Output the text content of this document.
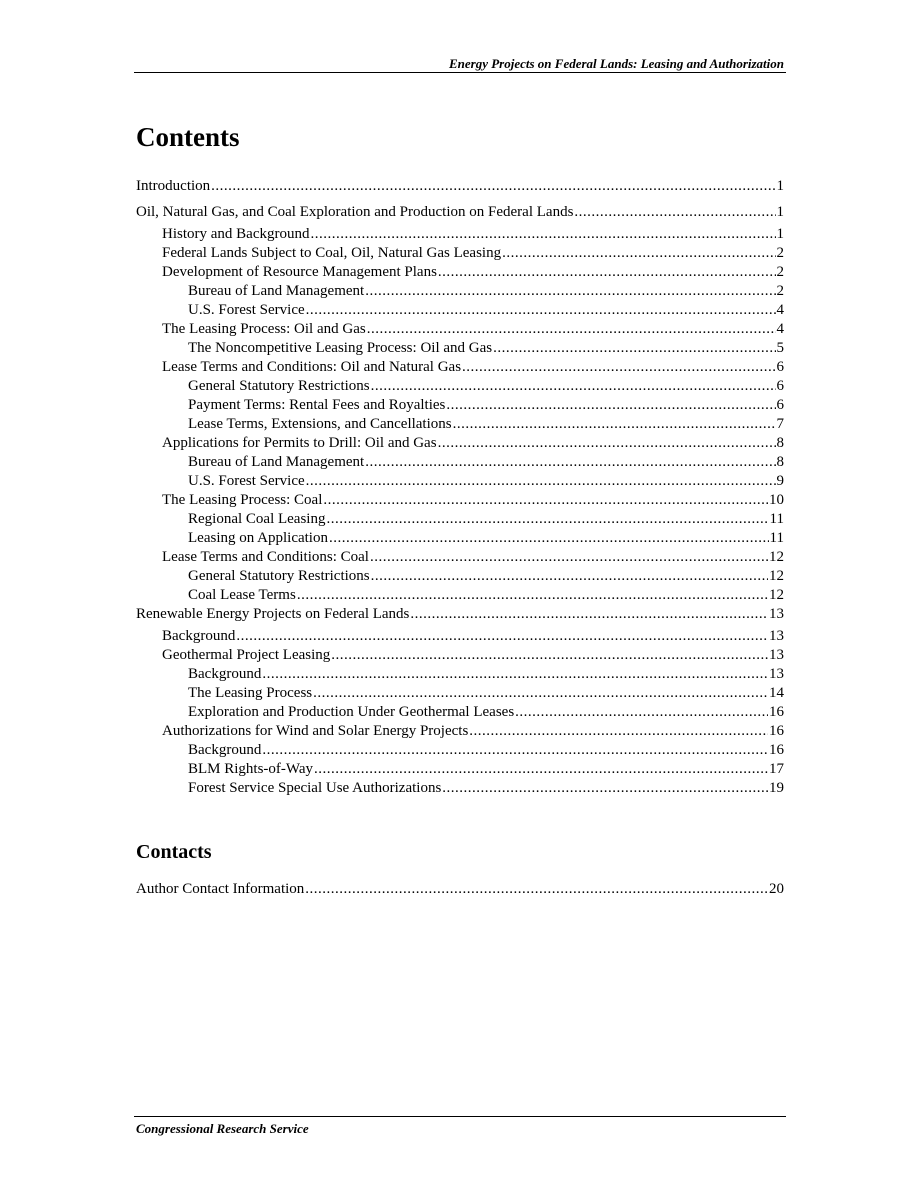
Energy Projects on Federal Lands: Leasing and Authorization
Contents
Introduction .....	1
Oil, Natural Gas, and Coal Exploration and Production on Federal Lands .....	1
History and Background .....	1
Federal Lands Subject to Coal, Oil, Natural Gas Leasing .....	2
Development of Resource Management Plans .....	2
Bureau of Land Management .....	2
U.S. Forest Service .....	4
The Leasing Process: Oil and Gas .....	4
The Noncompetitive Leasing Process: Oil and Gas .....	5
Lease Terms and Conditions: Oil and Natural Gas .....	6
General Statutory Restrictions .....	6
Payment Terms: Rental Fees and Royalties .....	6
Lease Terms, Extensions, and Cancellations .....	7
Applications for Permits to Drill: Oil and Gas .....	8
Bureau of Land Management .....	8
U.S. Forest Service .....	9
The Leasing Process: Coal .....	10
Regional Coal Leasing .....	11
Leasing on Application .....	11
Lease Terms and Conditions: Coal .....	12
General Statutory Restrictions .....	12
Coal Lease Terms .....	12
Renewable Energy Projects on Federal Lands .....	13
Background .....	13
Geothermal Project Leasing .....	13
Background .....	13
The Leasing Process .....	14
Exploration and Production Under Geothermal Leases .....	16
Authorizations for Wind and Solar Energy Projects .....	16
Background .....	16
BLM Rights-of-Way .....	17
Forest Service Special Use Authorizations .....	19
Contacts
Author Contact Information .....	20
Congressional Research Service
